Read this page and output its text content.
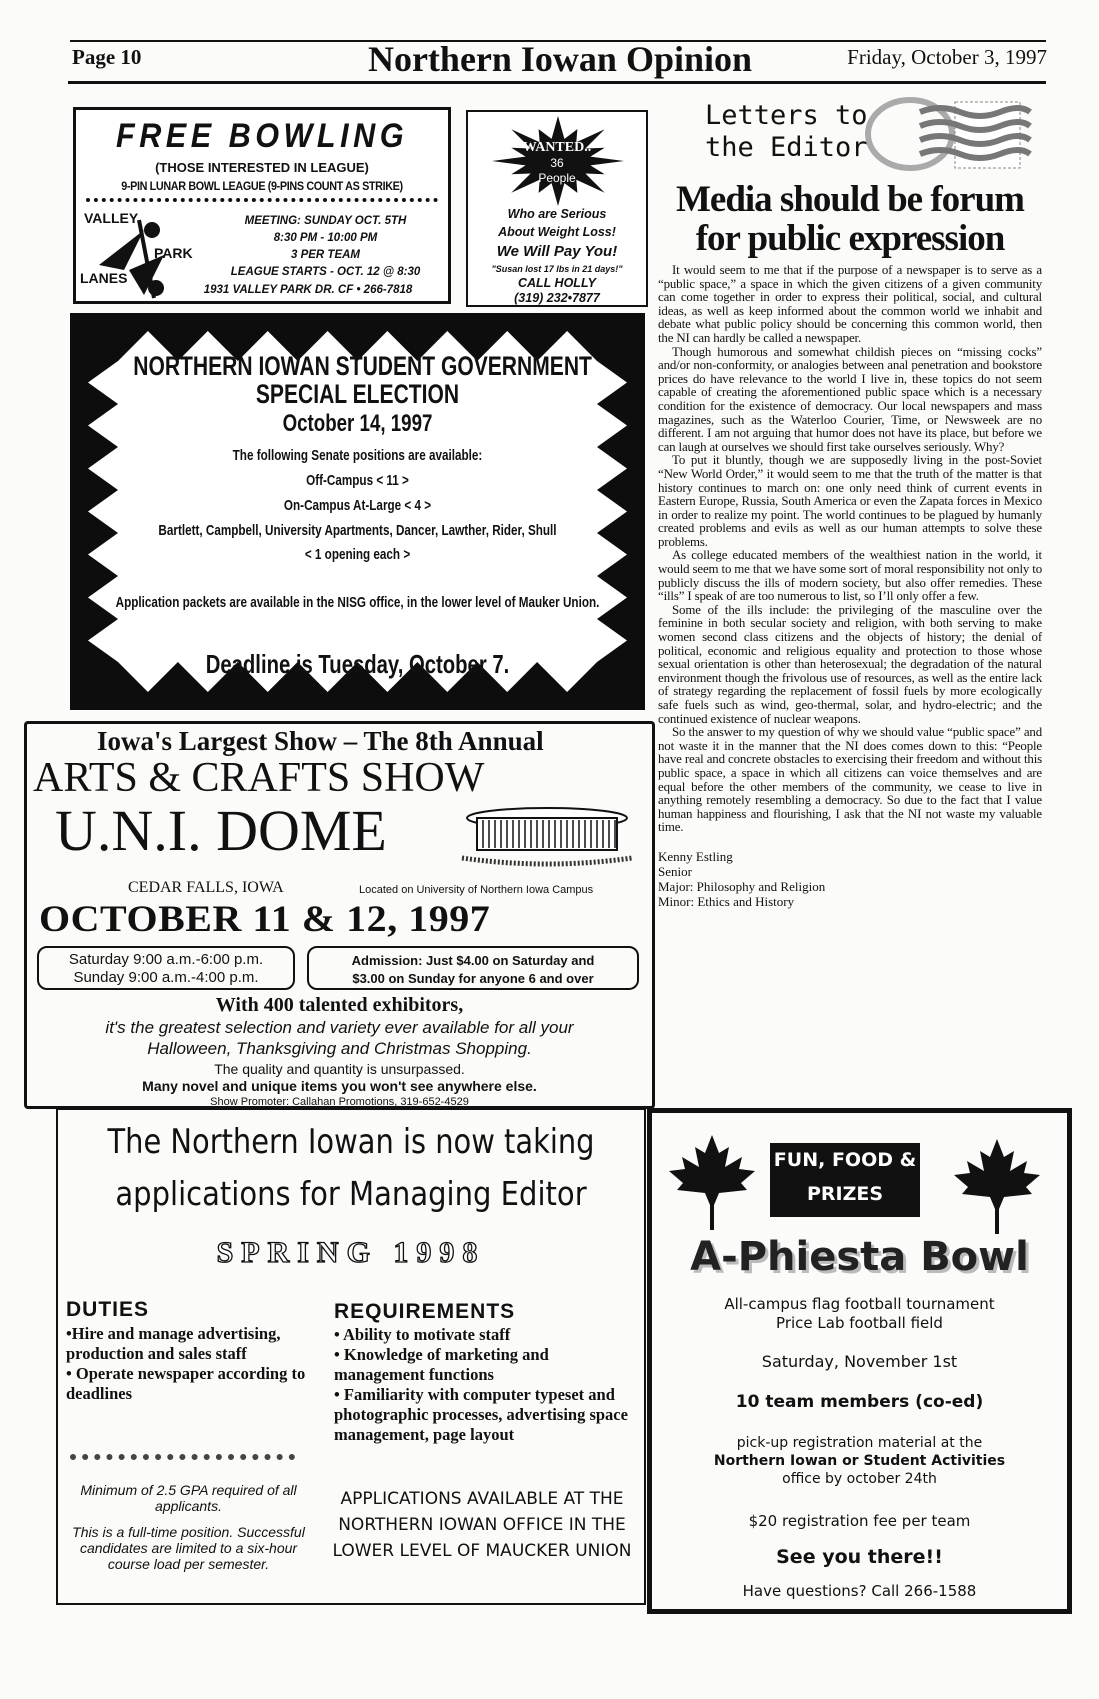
Page 10	Northern Iowan Opinion	Friday, October 3, 1997
FREE BOWLING
(THOSE INTERESTED IN LEAGUE)
9-PIN LUNAR BOWL LEAGUE (9-PINS COUNT AS STRIKE)
VALLEY
PARK
LANES
MEETING: SUNDAY OCT. 5TH
8:30 PM - 10:00 PM
3 PER TEAM
LEAGUE STARTS - OCT. 12 @ 8:30
1931 VALLEY PARK DR. CF • 266-7818
WANTED..
36
People
Who are Serious
About Weight Loss!
We Will Pay You!
"Susan lost 17 lbs in 21 days!"
CALL HOLLY
(319) 232•7877
Letters to
the Editor
Media should be forum for public expression

It would seem to me that if the purpose of a newspaper is to serve as a “public space,” a space in which the given citizens of a given community can come together in order to express their political, social, and cultural ideas, as well as keep informed about the common world we inhabit and debate what public policy should be concerning this common world, then the NI can hardly be called a newspaper.

Though humorous and somewhat childish pieces on “missing cocks” and/or non-conformity, or analogies between anal penetration and bookstore prices do have relevance to the world I live in, these topics do not seem capable of creating the aforementioned public space which is a necessary condition for the existence of democracy. Our local newspapers and mass magazines, such as the Waterloo Courier, Time, or Newsweek are no different. I am not arguing that humor does not have its place, but before we can laugh at ourselves we should first take ourselves seriously. Why?

To put it bluntly, though we are supposedly living in the post-Soviet “New World Order,” it would seem to me that the truth of the matter is that history continues to march on: one only need think of current events in Eastern Europe, Russia, South America or even the Zapata forces in Mexico in order to realize my point. The world continues to be plagued by humanly created problems and evils as well as our human attempts to solve these problems.

As college educated members of the wealthiest nation in the world, it would seem to me that we have some sort of moral responsibility not only to publicly discuss the ills of modern society, but also offer remedies. These “ills” I speak of are too numerous to list, so I’ll only offer a few.

Some of the ills include: the privileging of the masculine over the feminine in both secular society and religion, with both serving to make women second class citizens and the objects of history; the denial of political, economic and religious equality and protection to those whose sexual orientation is other than heterosexual; the degradation of the natural environment though the frivolous use of resources, as well as the entire lack of strategy regarding the replacement of fossil fuels by more ecologically safe fuels such as wind, geo-thermal, solar, and hydro-electric; and the continued existence of nuclear weapons.

So the answer to my question of why we should value “public space” and not waste it in the manner that the NI does comes down to this: “People have real and concrete obstacles to exercising their freedom and without this public space, a space in which all citizens can voice themselves and are equal before the other members of the community, we cease to live in anything remotely resembling a democracy. So due to the fact that I value human happiness and flourishing, I ask that the NI not waste my valuable time.

Kenny Estling
Senior
Major: Philosophy and Religion
Minor: Ethics and History
NORTHERN IOWAN STUDENT GOVERNMENT
SPECIAL ELECTION
October 14, 1997
The following Senate positions are available:
Off-Campus < 11 >
On-Campus At-Large < 4 >
Bartlett, Campbell, University Apartments, Dancer, Lawther, Rider, Shull
< 1 opening each >
Application packets are available in the NISG office, in the lower level of Mauker Union.
Deadline is Tuesday, October 7.
Iowa's Largest Show – The 8th Annual
ARTS & CRAFTS SHOW
U.N.I. DOME
CEDAR FALLS, IOWA	Located on University of Northern Iowa Campus
OCTOBER 11 & 12, 1997
Saturday 9:00 a.m.-6:00 p.m.
Sunday 9:00 a.m.-4:00 p.m.
Admission: Just $4.00 on Saturday and
$3.00 on Sunday for anyone 6 and over
With 400 talented exhibitors,
it's the greatest selection and variety ever available for all your
Halloween, Thanksgiving and Christmas Shopping.
The quality and quantity is unsurpassed.
Many novel and unique items you won't see anywhere else.
Show Promoter: Callahan Promotions, 319-652-4529
The Northern Iowan is now taking
applications for Managing Editor
SPRING 1998
DUTIES
•Hire and manage advertising, production and sales staff
• Operate newspaper according to deadlines
Minimum of 2.5 GPA required of all applicants.
This is a full-time position. Successful candidates are limited to a six-hour course load per semester.
REQUIREMENTS
• Ability to motivate staff
• Knowledge of marketing and management functions
• Familiarity with computer typeset and photographic processes, advertising space management, page layout
APPLICATIONS AVAILABLE AT THE NORTHERN IOWAN OFFICE IN THE LOWER LEVEL OF MAUCKER UNION
FUN, FOOD &
PRIZES
A-Phiesta Bowl
All-campus flag football tournament
Price Lab football field
Saturday, November 1st
10 team members (co-ed)
pick-up registration material at the
Northern Iowan or Student Activities
office by october 24th
$20 registration fee per team
See you there!!
Have questions? Call 266-1588
